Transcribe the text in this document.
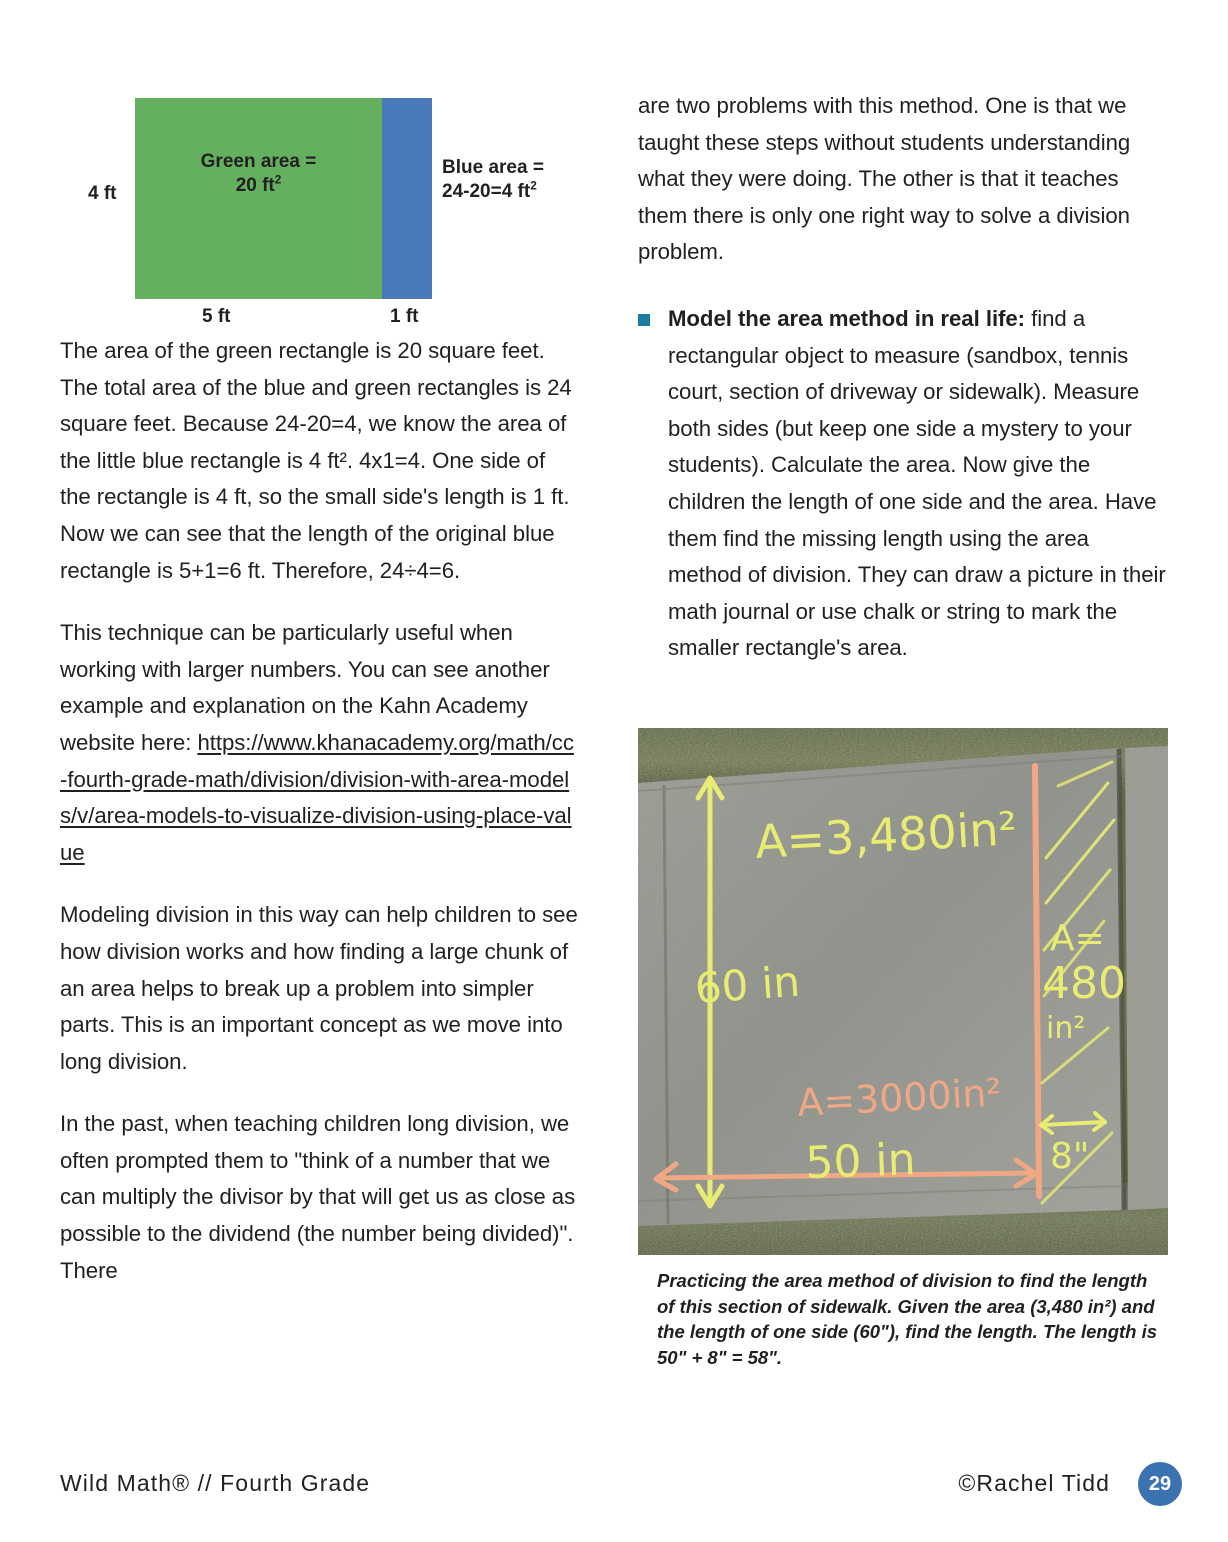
4 ft
Green area =
20 $ft^2$
Blue area =
24-20=4 $ft^2$
5 ft	1 ft

The area of the green rectangle is 20 square feet. The total area of the blue and green rectangles is 24 square feet. Because 24-20=4, we know the area of the little blue rectangle is 4 ft². 4x1=4. One side of the rectangle is 4 ft, so the small side's length is 1 ft. Now we can see that the length of the original blue rectangle is 5+1=6 ft. Therefore, 24÷4=6.

This technique can be particularly useful when working with larger numbers. You can see another example and explanation on the Kahn Academy website here: https://www.khanacademy.org/math/cc-fourth-grade-math/division/division-with-area-models/v/area-models-to-visualize-division-using-place-value

Modeling division in this way can help children to see how division works and how finding a large chunk of an area helps to break up a problem into simpler parts. This is an important concept as we move into long division.

In the past, when teaching children long division, we often prompted them to "think of a number that we can multiply the divisor by that will get us as close as possible to the dividend (the number being divided)". There

are two problems with this method. One is that we taught these steps without students understanding what they were doing. The other is that it teaches them there is only one right way to solve a division problem.

Model the area method in real life: find a rectangular object to measure (sandbox, tennis court, section of driveway or sidewalk). Measure both sides (but keep one side a mystery to your students). Calculate the area. Now give the children the length of one side and the area. Have them find the missing length using the area method of division. They can draw a picture in their math journal or use chalk or string to mark the smaller rectangle's area.
A=3,480in²
60 in
A=3000in²
50 in
A=
480
in²
8"
Practicing the area method of division to find the length of this section of sidewalk. Given the area (3,480 in²) and the length of one side (60"), find the length. The length is 50" + 8" = 58".
Wild Math® // Fourth Grade	©Rachel Tidd	29
